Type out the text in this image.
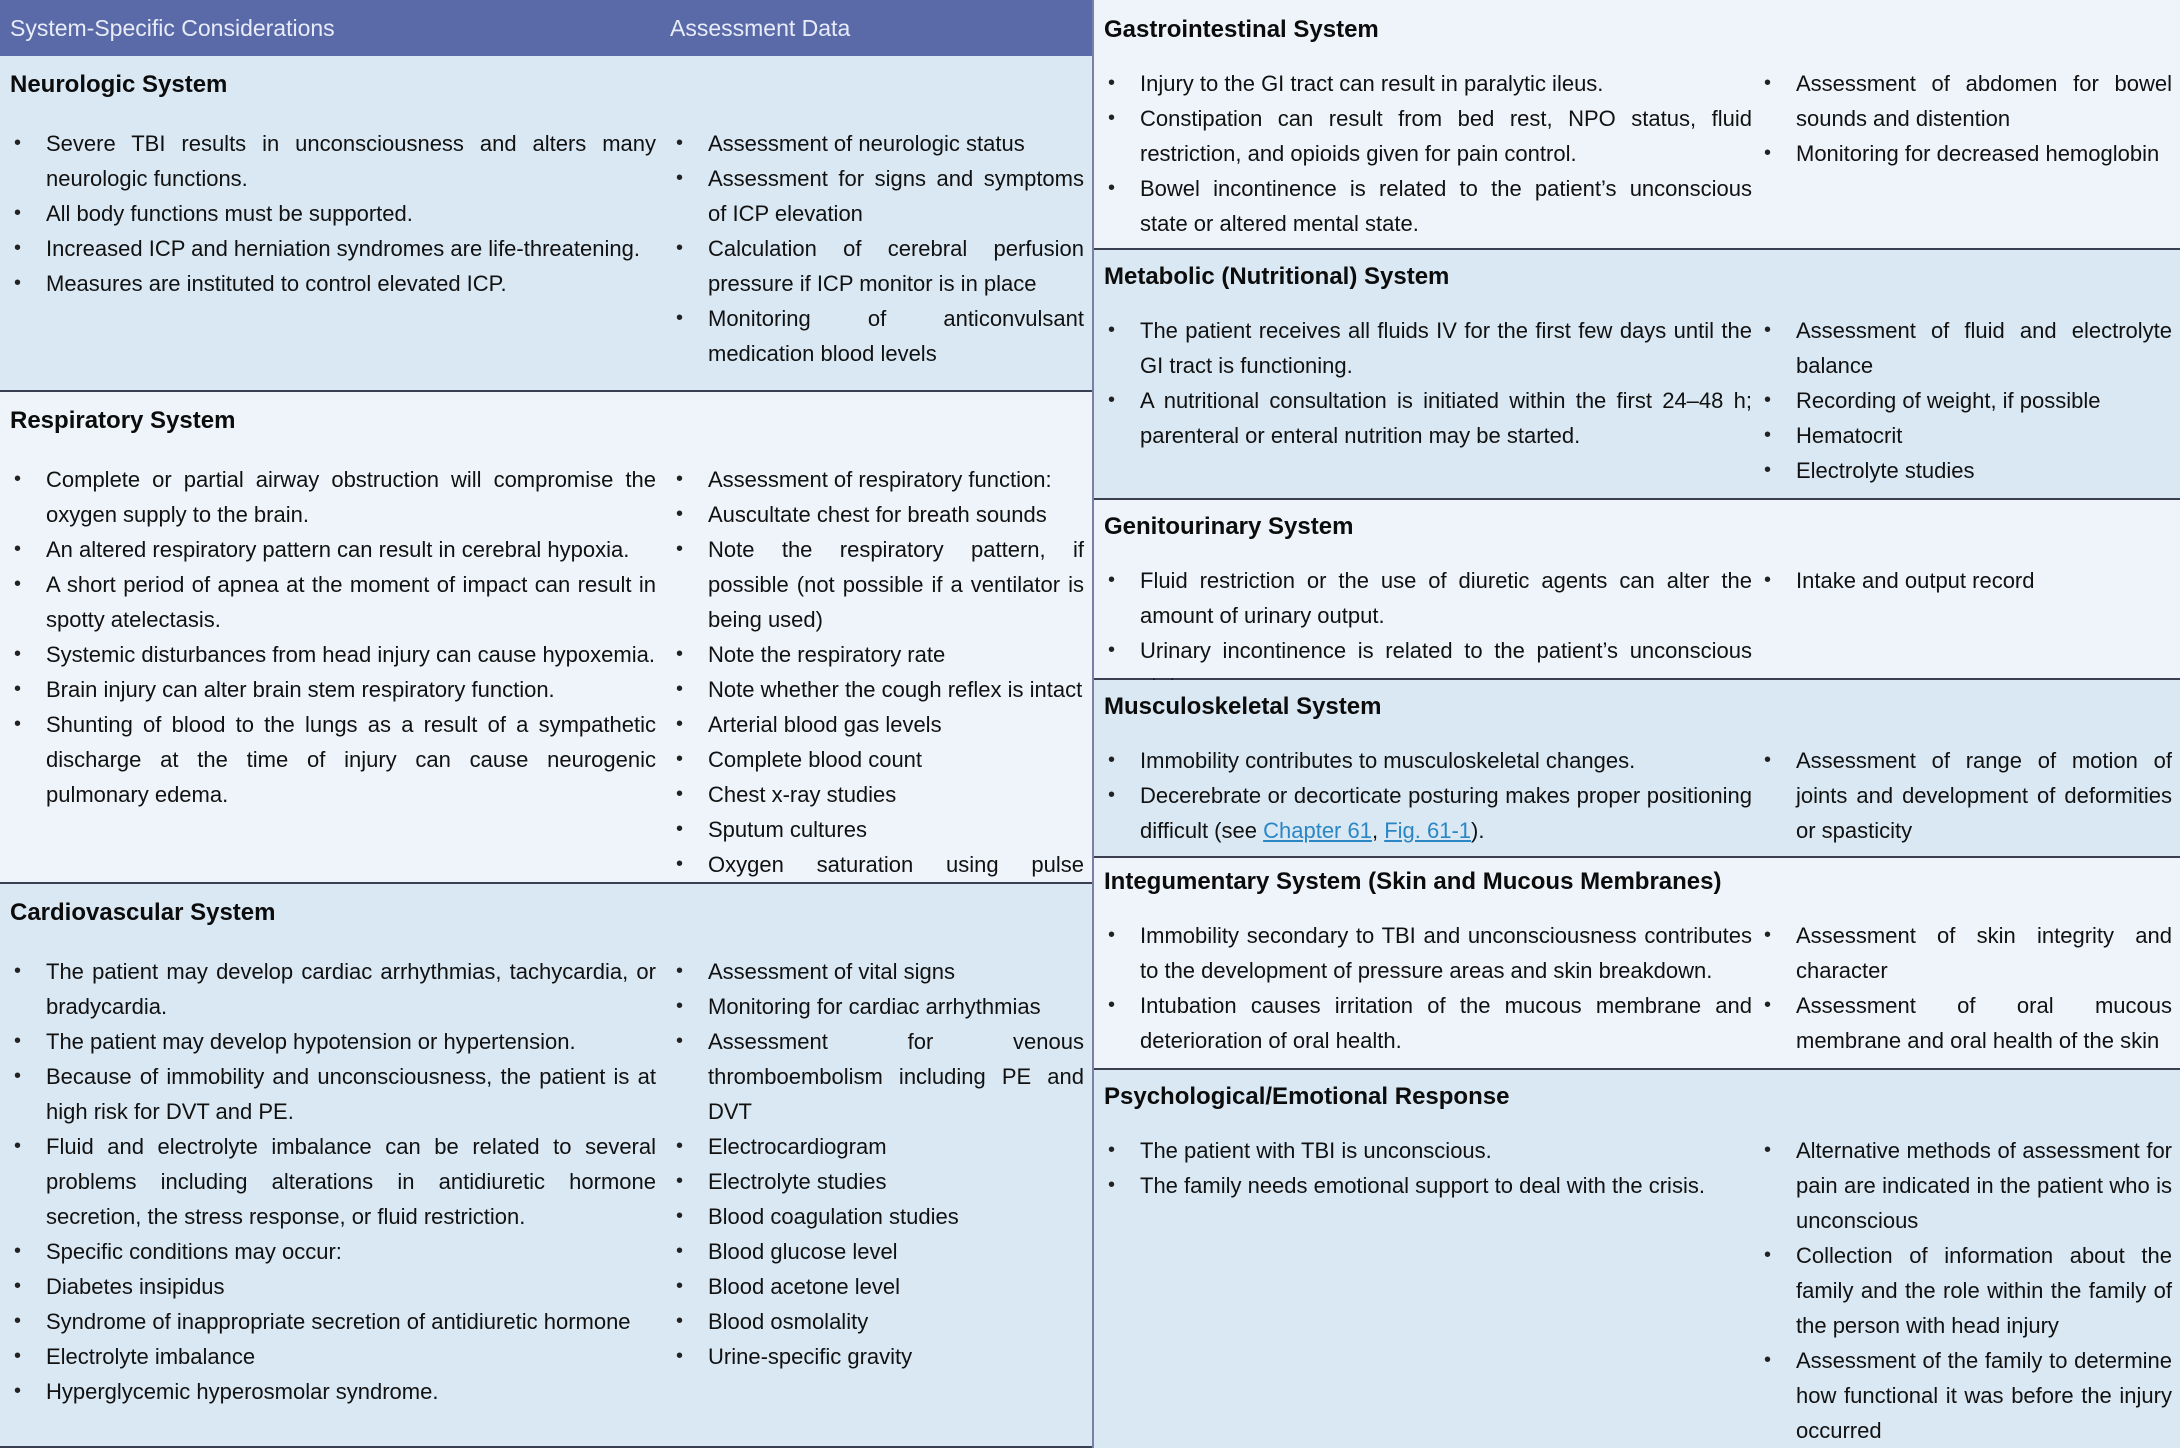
System-Specific Considerations	Assessment Data
Neurologic System
• Severe TBI results in unconsciousness and alters many neurologic functions.
• All body functions must be supported.
• Increased ICP and herniation syndromes are life-threatening.
• Measures are instituted to control elevated ICP.
• Assessment of neurologic status
• Assessment for signs and symptoms of ICP elevation
• Calculation of cerebral perfusion pressure if ICP monitor is in place
• Monitoring of anticonvulsant medication blood levels
Respiratory System
• Complete or partial airway obstruction will compromise the oxygen supply to the brain.
• An altered respiratory pattern can result in cerebral hypoxia.
• A short period of apnea at the moment of impact can result in spotty atelectasis.
• Systemic disturbances from head injury can cause hypoxemia.
• Brain injury can alter brain stem respiratory function.
• Shunting of blood to the lungs as a result of a sympathetic discharge at the time of injury can cause neurogenic pulmonary edema.
• Assessment of respiratory function:
• Auscultate chest for breath sounds
• Note the respiratory pattern, if possible (not possible if a ventilator is being used)
• Note the respiratory rate
• Note whether the cough reflex is intact
• Arterial blood gas levels
• Complete blood count
• Chest x-ray studies
• Sputum cultures
• Oxygen saturation using pulse
Cardiovascular System
• The patient may develop cardiac arrhythmias, tachycardia, or bradycardia.
• The patient may develop hypotension or hypertension.
• Because of immobility and unconsciousness, the patient is at high risk for DVT and PE.
• Fluid and electrolyte imbalance can be related to several problems including alterations in antidiuretic hormone secretion, the stress response, or fluid restriction.
• Specific conditions may occur:
• Diabetes insipidus
• Syndrome of inappropriate secretion of antidiuretic hormone
• Electrolyte imbalance
• Hyperglycemic hyperosmolar syndrome.
• Assessment of vital signs
• Monitoring for cardiac arrhythmias
• Assessment for venous thromboembolism including PE and DVT
• Electrocardiogram
• Electrolyte studies
• Blood coagulation studies
• Blood glucose level
• Blood acetone level
• Blood osmolality
• Urine-specific gravity
Gastrointestinal System
• Injury to the GI tract can result in paralytic ileus.
• Constipation can result from bed rest, NPO status, fluid restriction, and opioids given for pain control.
• Bowel incontinence is related to the patient’s unconscious state or altered mental state.
• Assessment of abdomen for bowel sounds and distention
• Monitoring for decreased hemoglobin
Metabolic (Nutritional) System
• The patient receives all fluids IV for the first few days until the GI tract is functioning.
• A nutritional consultation is initiated within the first 24–48 h; parenteral or enteral nutrition may be started.
• Assessment of fluid and electrolyte balance
• Recording of weight, if possible
• Hematocrit
• Electrolyte studies
Genitourinary System
• Fluid restriction or the use of diuretic agents can alter the amount of urinary output.
• Urinary incontinence is related to the patient’s unconscious
• Intake and output record
Musculoskeletal System
• Immobility contributes to musculoskeletal changes.
• Decerebrate or decorticate posturing makes proper positioning difficult (see Chapter 61, Fig. 61-1).
• Assessment of range of motion of joints and development of deformities or spasticity
Integumentary System (Skin and Mucous Membranes)
• Immobility secondary to TBI and unconsciousness contributes to the development of pressure areas and skin breakdown.
• Intubation causes irritation of the mucous membrane and deterioration of oral health.
• Assessment of skin integrity and character
• Assessment of oral mucous membrane and oral health of the skin
Psychological/Emotional Response
• The patient with TBI is unconscious.
• The family needs emotional support to deal with the crisis.
• Alternative methods of assessment for pain are indicated in the patient who is unconscious
• Collection of information about the family and the role within the family of the person with head injury
• Assessment of the family to determine how functional it was before the injury occurred
